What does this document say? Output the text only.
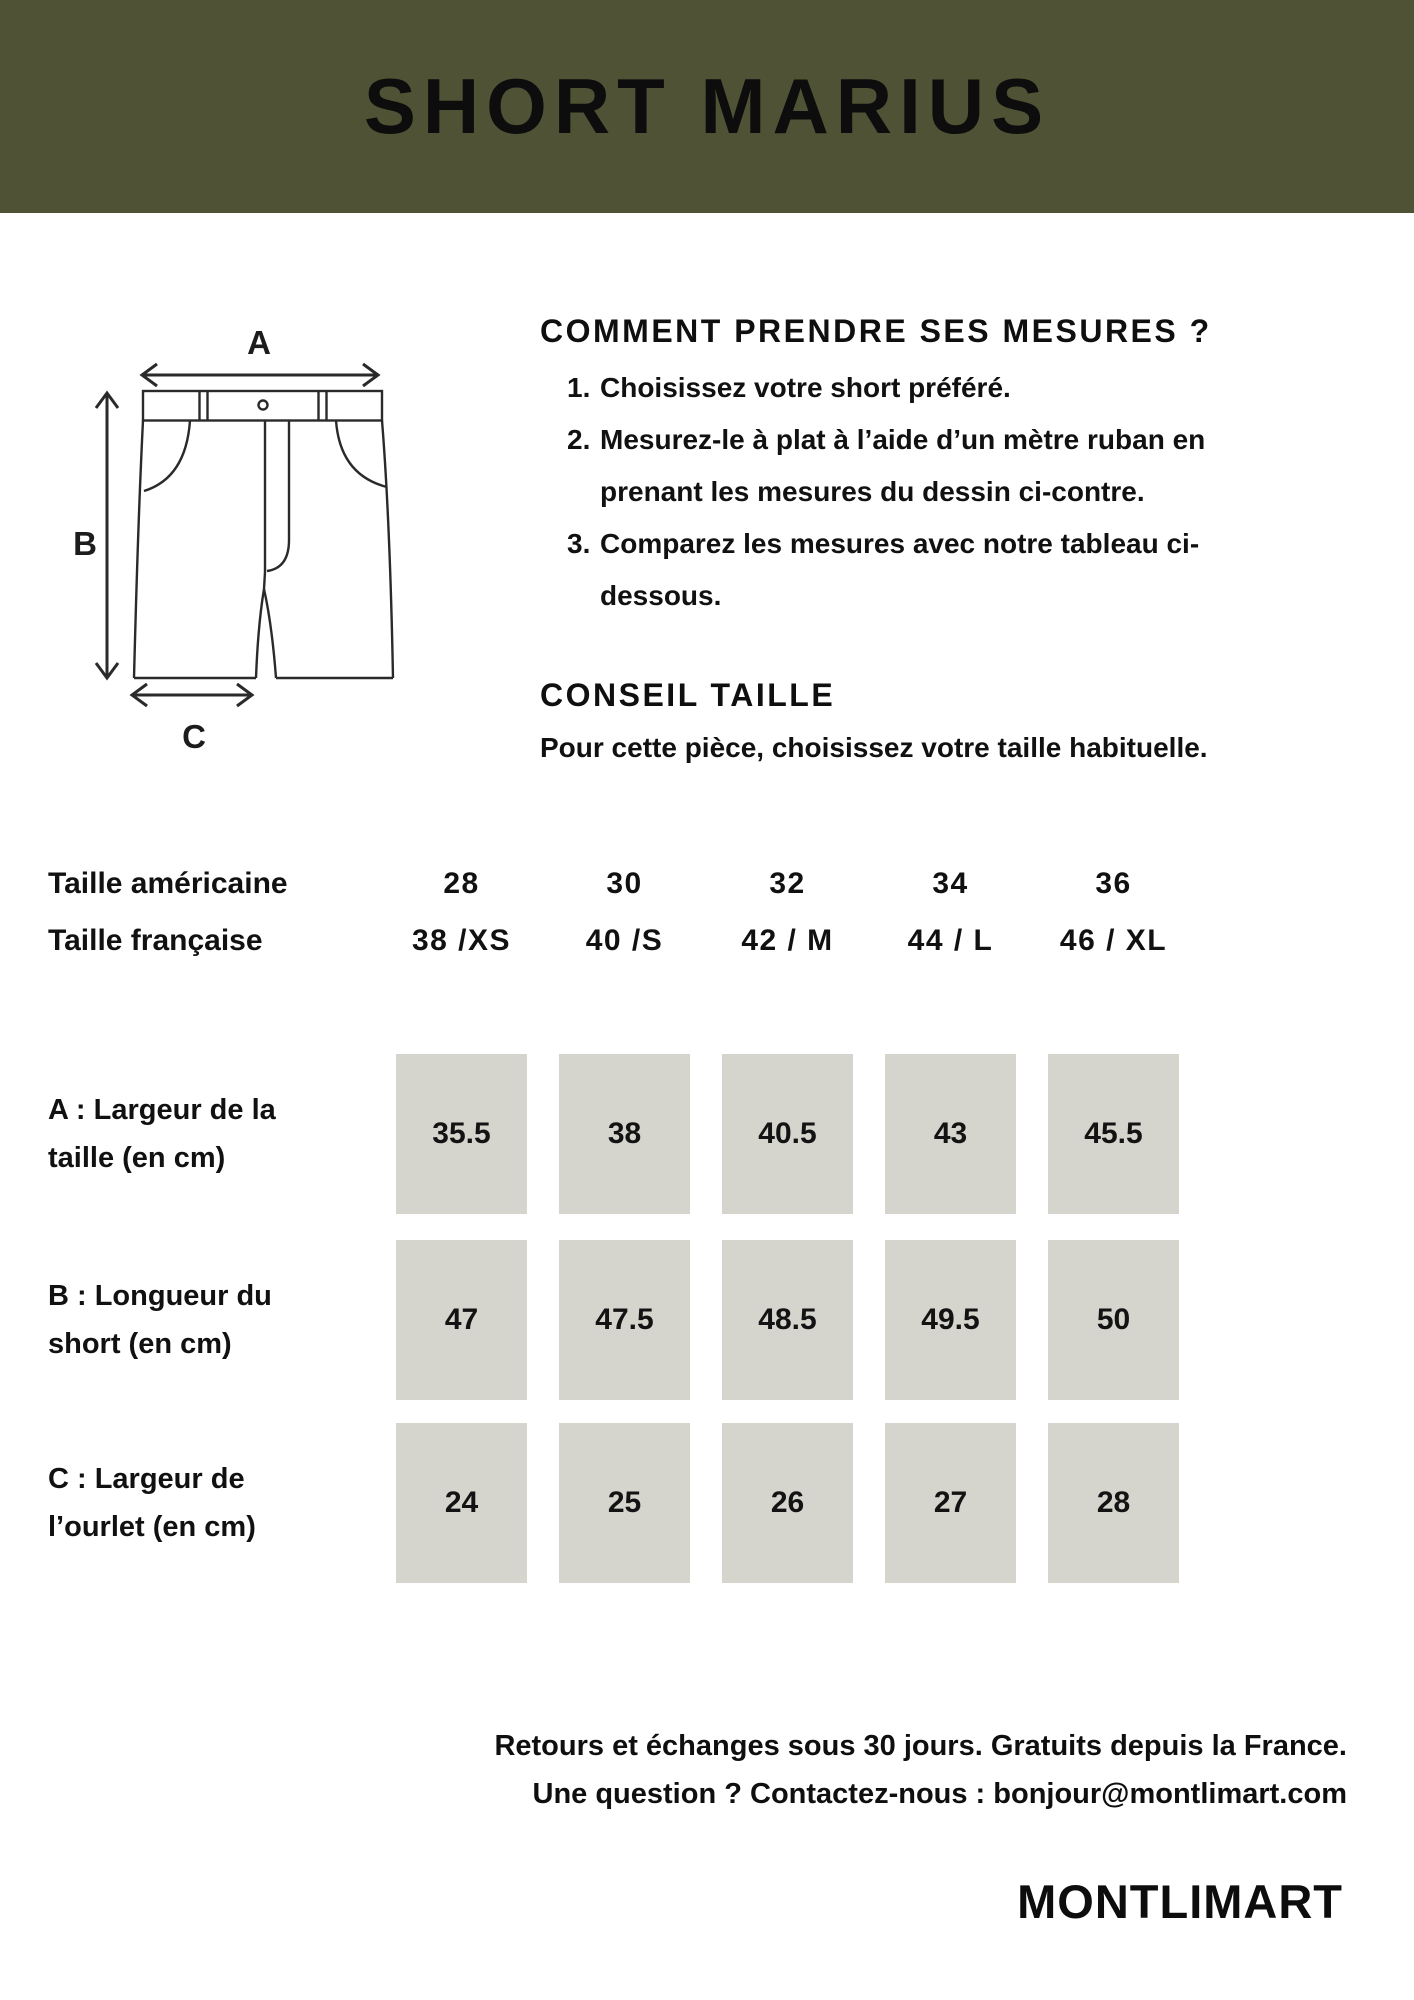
SHORT MARIUS
A
B
C
COMMENT PRENDRE SES MESURES ?
1. Choisissez votre short préféré.
2. Mesurez-le à plat à l’aide d’un mètre ruban en prenant les mesures du dessin ci-contre.
3. Comparez les mesures avec notre tableau ci-dessous.
CONSEIL TAILLE

Pour cette pièce, choisissez votre taille habituelle.

Taille américaine	28	30	32	34	36
Taille française	38 /XS	40 /S	42 / M	44 / L	46 / XL
A : Largeur de la
taille (en cm)
35.5	38	40.5	43	45.5
B : Longueur du
short (en cm)
47	47.5	48.5	49.5	50
C : Largeur de
l’ourlet (en cm)
24	25	26	27	28

Retours et échanges sous 30 jours. Gratuits depuis la France.

Une question ? Contactez-nous : bonjour@montlimart.com

MONTLIMART
